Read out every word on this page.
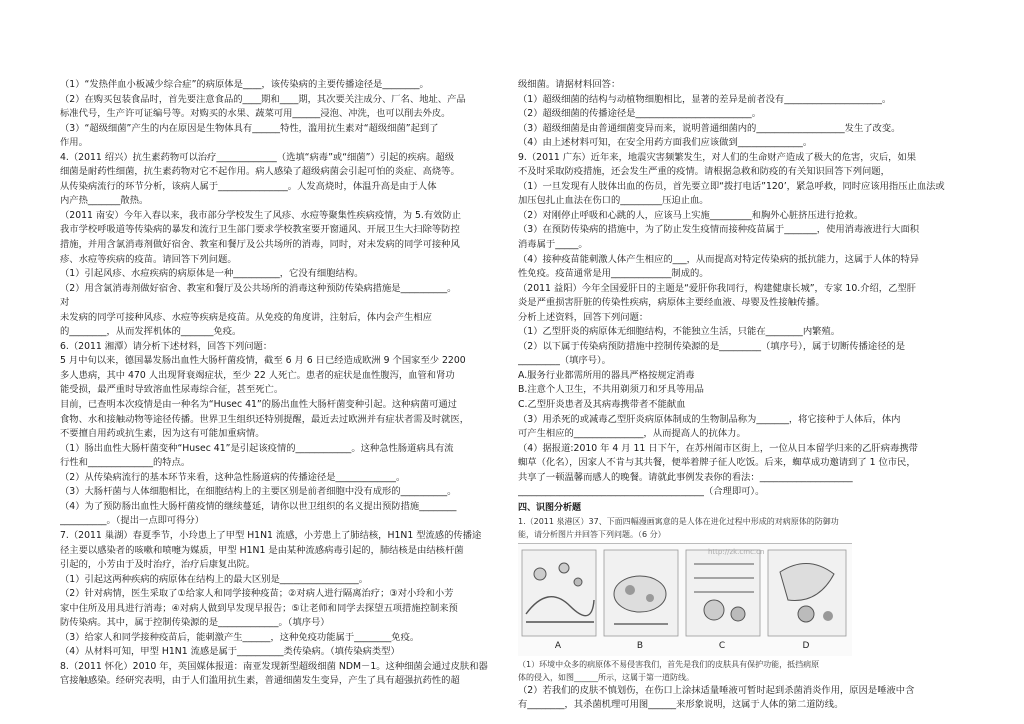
（1）“发热伴血小板减少综合症”的病原体是____，该传染病的主要传播途径是________。
（2）在购买包装食品时，首先要注意食品的____期和____期，其次要关注成分、厂名、地址、产品
标准代号，生产许可证编号等。对购买的水果、蔬菜可用______浸泡、冲洗，也可以削去外皮。
（3）“超级细菌”产生的内在原因是生物体具有______特性，滥用抗生素对“超级细菌”起到了
作用。
4.（2011 绍兴）抗生素药物可以治疗_____________（选填“病毒”或“细菌”）引起的疾病。超级
细菌是耐药性细菌，抗生素药物对它不起作用。病人感染了超级病菌会引起可怕的炎症、高烧等。
从传染病流行的环节分析，该病人属于_______________。人发高烧时，体温升高是由于人体
内产热_______散热。
（2011 南安）今年入春以来，我市部分学校发生了风疹、水痘等聚集性疾病疫情，为 5.有效防止
我市学校呼吸道等传染病的暴发和流行卫生部门要求学校教室要开窗通风、开展卫生大扫除等防控
措施，并用含氯消毒剂做好宿舍、教室和餐厅及公共场所的消毒，同时，对未发病的同学可接种风
疹、水痘等疾病的疫苗。请回答下列问题。
（1）引起风疹、水痘疾病的病原体是一种__________，它没有细胞结构。
（2）用含氯消毒剂做好宿舍、教室和餐厅及公共场所的消毒这种预防传染病措施是__________。
对
未发病的同学可接种风疹、水痘等疾病是疫苗。从免疫的角度讲，注射后，体内会产生相应
的________，从而发挥机体的_______免疫。
6.（2011 湘潭）请分析下述材料，回答下列问题：
5 月中旬以来，德国暴发肠出血性大肠杆菌疫情，截至 6 月 6 日已经造成欧洲 9 个国家至少 2200
多人患病，其中 470 人出现肾衰竭症状，至少 22 人死亡。患者的症状是血性腹泻，血管和肾功
能受损，最严重时导致溶血性尿毒综合征，甚至死亡。
目前，已查明本次疫情是由一种名为“Husec 41”的肠出血性大肠杆菌变种引起。这种病菌可通过
食物、水和接触动物等途径传播。世界卫生组织还特别提醒，最近去过欧洲并有症状者需及时就医，
不要擅自用药或抗生素，因为这有可能加重病情。
（1）肠出血性大肠杆菌变种“Husec 41”是引起该疫情的____________。这种急性肠道病具有流
行性和______________的特点。
（2）从传染病流行的基本环节来看，这种急性肠道病的传播途径是_____________。
（3）大肠杆菌与人体细胞相比，在细胞结构上的主要区别是前者细胞中没有成形的__________。
（4）为了预防肠出血性大肠杆菌疫情的继续蔓延，请你以世卫组织的名义提出预防措施________
__________。（提出一点即可得分）
7.（2011 巢湖）春夏季节，小玲患上了甲型 H1N1 流感，小芳患上了肺结核，H1N1 型流感的传播途
径主要以感染者的咳嗽和喷嚏为媒质，甲型 H1N1 是由某种流感病毒引起的，肺结核是由结核杆菌
引起的，小芳由于及时治疗，治疗后康复出院。
（1）引起这两种疾病的病原体在结构上的最大区别是_________________。
（2）针对病情，医生采取了①给家人和同学接种疫苗；②对病人进行隔离治疗；③对小玲和小芳
家中住所及用具进行消毒；④对病人做到早发现早报告；⑤让老师和同学去探望五项措施控制来预
防传染病。其中，属于控制传染源的是_____________。（填序号）
（3）给家人和同学接种疫苗后，能刺激产生______，这种免疫功能属于________免疫。
（4）从材料可知，甲型 H1N1 流感是属于__________类传染病。（填传染病类型）
8.（2011 怀化）2010 年，英国媒体报道：南亚发现新型超级细菌 NDM－1。这种细菌会通过皮肤和器
官接触感染。经研究表明，由于人们滥用抗生素，普通细菌发生变异，产生了具有超强抗药性的超
级细菌。请据材料回答：
（1）超级细菌的结构与动植物细胞相比，显著的差异是前者没有_____________________。
（2）超级细菌的传播途径是_________________________。
（3）超级细菌是由普通细菌变异而来，说明普通细菌内的___________________发生了改变。
（4）由上述材料可知，在安全用药方面我们应该做到______________。
9.（2011 广东）近年来，地震灾害频繁发生，对人们的生命财产造成了极大的危害，灾后，如果
不及时采取防疫措施，还会发生严重的疫情。请根据急救和防疫的有关知识回答下列问题，
（1）一旦发现有人肢体出血的伤员，首先要立即“拨打电话”120’，紧急呼救，同时应该用指压止血法或
加压包扎止血法在伤口的_________压迫止血。
（2）对刚停止呼吸和心跳的人，应该马上实施_________和胸外心脏挤压进行抢救。
（3）在预防传染病的措施中，为了防止发生疫情而接种疫苗属于_______，使用消毒液进行大面积
消毒属于_____。
（4）接种疫苗能刺激人体产生相应的___，从而提高对特定传染病的抵抗能力，这属于人体的特异
性免疫。疫苗通常是用_____________制成的。
（2011 益阳）今年全国爱肝日的主题是“爱肝你我同行，构建健康长城”，专家 10.介绍，乙型肝
炎是严重损害肝脏的传染性疾病，病原体主要经血液、母婴及性接触传播。
分析上述资料，回答下列问题：
（1）乙型肝炎的病原体无细胞结构，不能独立生活，只能在________内繁殖。
（2）以下属于传染病预防措施中控制传染源的是_________（填序号），属于切断传播途径的是
_________（填序号）。
A.服务行业都需所用的器具严格按规定消毒
B.注意个人卫生，不共用剃须刀和牙具等用品
C.乙型肝炎患者及其病毒携带者不能献血
（3）用杀死的或减毒乙型肝炎病原体制成的生物制品称为_______，将它接种于人体后，体内
可产生相应的_______________，从而提高人的抗体力。
（4）据报道:2010 年 4 月 11 日下午，在苏州闹市区街上，一位从日本留学归来的乙肝病毒携带
蜘草（化名），因家人不肯与其共餐，便举着牌子征人吃饭。后来，蜘草成功邀请到了 1 位市民，
共享了一顿温馨而感人的晚餐。请就此事例发表你的看法：____________________
________________________________________（合理即可）。
四、识图分析题
1.（2011 泉港区）37、下面四幅漫画寓意的是人体在进化过程中形成的对病原体的防御功
能，请分析图片并回答下列问题。（6 分）
A	B	C	D
http://zk.cmc.cn
（1）环境中众多的病原体不易侵害我们，首先是我们的皮肤具有保护功能，抵挡病原
体的侵入，如图______所示，这属于第一道防线。
（2）若我们的皮肤不慎划伤，在伤口上涂抹适量唾液可暂时起到杀菌消炎作用，原因是唾液中含
有________，其杀菌机理可用图______来形象说明，这属于人体的第二道防线。
